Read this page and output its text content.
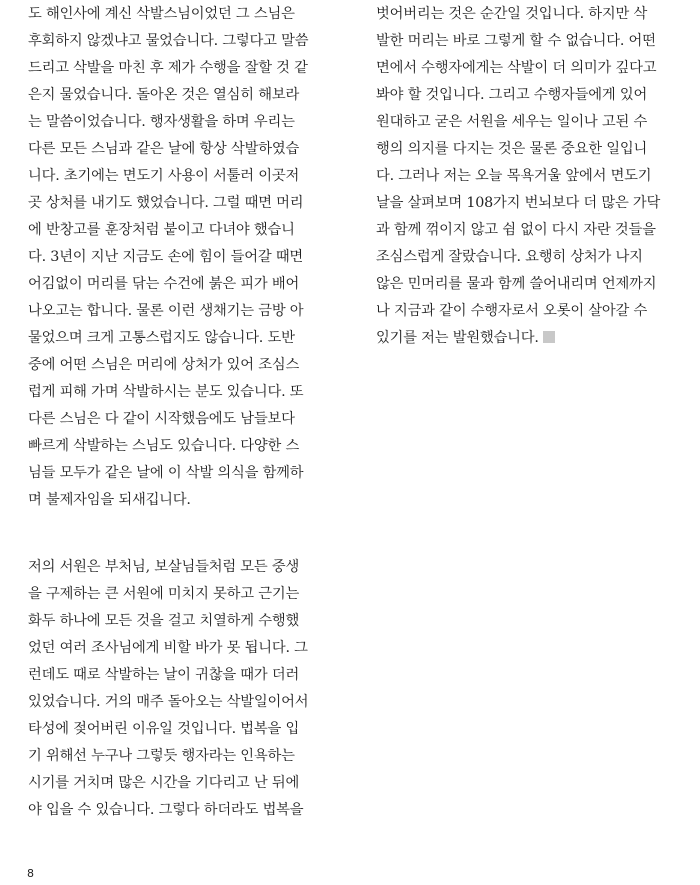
도 해인사에 계신 삭발스님이었던 그 스님은
후회하지 않겠냐고 물었습니다. 그렇다고 말씀
드리고 삭발을 마친 후 제가 수행을 잘할 것 같
은지 물었습니다. 돌아온 것은 열심히 해보라
는 말씀이었습니다. 행자생활을 하며 우리는
다른 모든 스님과 같은 날에 항상 삭발하였습
니다. 초기에는 면도기 사용이 서툴러 이곳저
곳 상처를 내기도 했었습니다. 그럴 때면 머리
에 반창고를 훈장처럼 붙이고 다녀야 했습니
다. 3년이 지난 지금도 손에 힘이 들어갈 때면
어김없이 머리를 닦는 수건에 붉은 피가 배어
나오고는 합니다. 물론 이런 생채기는 금방 아
물었으며 크게 고통스럽지도 않습니다. 도반
중에 어떤 스님은 머리에 상처가 있어 조심스
럽게 피해 가며 삭발하시는 분도 있습니다. 또
다른 스님은 다 같이 시작했음에도 남들보다
빠르게 삭발하는 스님도 있습니다. 다양한 스
님들 모두가 같은 날에 이 삭발 의식을 함께하
며 불제자임을 되새깁니다.
저의 서원은 부처님, 보살님들처럼 모든 중생
을 구제하는 큰 서원에 미치지 못하고 근기는
화두 하나에 모든 것을 걸고 치열하게 수행했
었던 여러 조사님에게 비할 바가 못 됩니다. 그
런데도 때로 삭발하는 날이 귀찮을 때가 더러
있었습니다. 거의 매주 돌아오는 삭발일이어서
타성에 젖어버린 이유일 것입니다. 법복을 입
기 위해선 누구나 그렇듯 행자라는 인욕하는
시기를 거치며 많은 시간을 기다리고 난 뒤에
야 입을 수 있습니다. 그렇다 하더라도 법복을
벗어버리는 것은 순간일 것입니다. 하지만 삭
발한 머리는 바로 그렇게 할 수 없습니다. 어떤
면에서 수행자에게는 삭발이 더 의미가 깊다고
봐야 할 것입니다. 그리고 수행자들에게 있어
원대하고 굳은 서원을 세우는 일이나 고된 수
행의 의지를 다지는 것은 물론 중요한 일입니
다. 그러나 저는 오늘 목욕거울 앞에서 면도기
날을 살펴보며 108가지 번뇌보다 더 많은 가닥
과 함께 꺾이지 않고 쉼 없이 다시 자란 것들을
조심스럽게 잘랐습니다. 요행히 상처가 나지
않은 민머리를 물과 함께 쓸어내리며 언제까지
나 지금과 같이 수행자로서 오롯이 살아갈 수
있기를 저는 발원했습니다.
8
